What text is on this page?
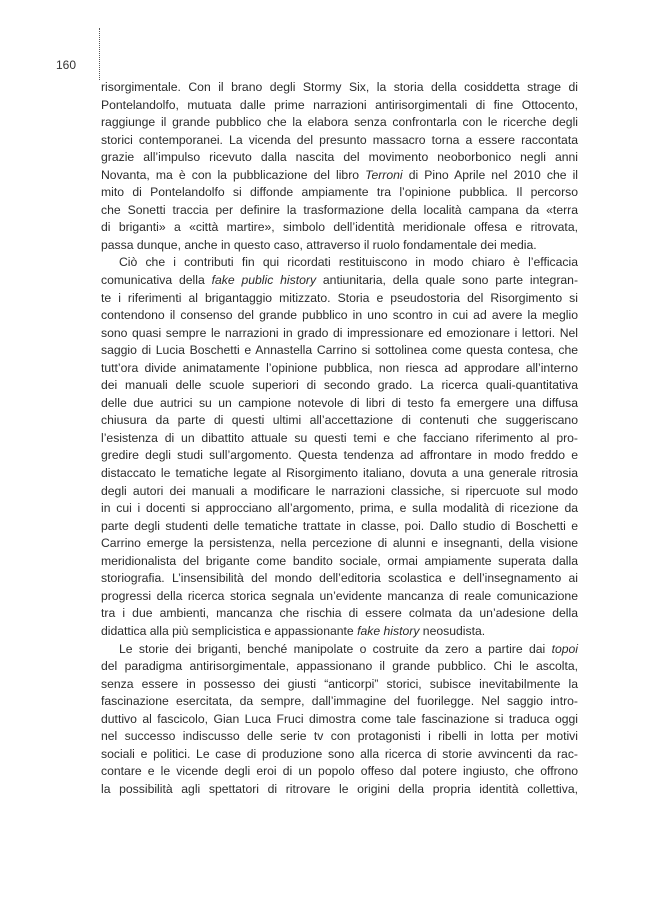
160

risorgimentale. Con il brano degli Stormy Six, la storia della cosiddetta strage di
Pontelandolfo, mutuata dalle prime narrazioni antirisorgimentali di fine Ottocento,
raggiunge il grande pubblico che la elabora senza confrontarla con le ricerche degli
storici contemporanei. La vicenda del presunto massacro torna a essere raccontata
grazie all’impulso ricevuto dalla nascita del movimento neoborbonico negli anni
Novanta, ma è con la pubblicazione del libro Terroni di Pino Aprile nel 2010 che il
mito di Pontelandolfo si diffonde ampiamente tra l’opinione pubblica. Il percorso
che Sonetti traccia per definire la trasformazione della località campana da «terra
di briganti» a «città martire», simbolo dell’identità meridionale offesa e ritrovata,
passa dunque, anche in questo caso, attraverso il ruolo fondamentale dei media.

Ciò che i contributi fin qui ricordati restituiscono in modo chiaro è l’efficacia
comunicativa della fake public history antiunitaria, della quale sono parte integran-
te i riferimenti al brigantaggio mitizzato. Storia e pseudostoria del Risorgimento si
contendono il consenso del grande pubblico in uno scontro in cui ad avere la meglio
sono quasi sempre le narrazioni in grado di impressionare ed emozionare i lettori. Nel
saggio di Lucia Boschetti e Annastella Carrino si sottolinea come questa contesa, che
tutt’ora divide animatamente l’opinione pubblica, non riesca ad approdare all’interno
dei manuali delle scuole superiori di secondo grado. La ricerca quali-quantitativa
delle due autrici su un campione notevole di libri di testo fa emergere una diffusa
chiusura da parte di questi ultimi all’accettazione di contenuti che suggeriscano
l’esistenza di un dibattito attuale su questi temi e che facciano riferimento al pro-
gredire degli studi sull’argomento. Questa tendenza ad affrontare in modo freddo e
distaccato le tematiche legate al Risorgimento italiano, dovuta a una generale ritrosia
degli autori dei manuali a modificare le narrazioni classiche, si ripercuote sul modo
in cui i docenti si approcciano all’argomento, prima, e sulla modalità di ricezione da
parte degli studenti delle tematiche trattate in classe, poi. Dallo studio di Boschetti e
Carrino emerge la persistenza, nella percezione di alunni e insegnanti, della visione
meridionalista del brigante come bandito sociale, ormai ampiamente superata dalla
storiografia. L’insensibilità del mondo dell’editoria scolastica e dell’insegnamento ai
progressi della ricerca storica segnala un’evidente mancanza di reale comunicazione
tra i due ambienti, mancanza che rischia di essere colmata da un’adesione della
didattica alla più semplicistica e appassionante fake history neosudista.

Le storie dei briganti, benché manipolate o costruite da zero a partire dai topoi
del paradigma antirisorgimentale, appassionano il grande pubblico. Chi le ascolta,
senza essere in possesso dei giusti “anticorpi” storici, subisce inevitabilmente la
fascinazione esercitata, da sempre, dall’immagine del fuorilegge. Nel saggio intro-
duttivo al fascicolo, Gian Luca Fruci dimostra come tale fascinazione si traduca oggi
nel successo indiscusso delle serie tv con protagonisti i ribelli in lotta per motivi
sociali e politici. Le case di produzione sono alla ricerca di storie avvincenti da rac-
contare e le vicende degli eroi di un popolo offeso dal potere ingiusto, che offrono
la possibilità agli spettatori di ritrovare le origini della propria identità collettiva,
